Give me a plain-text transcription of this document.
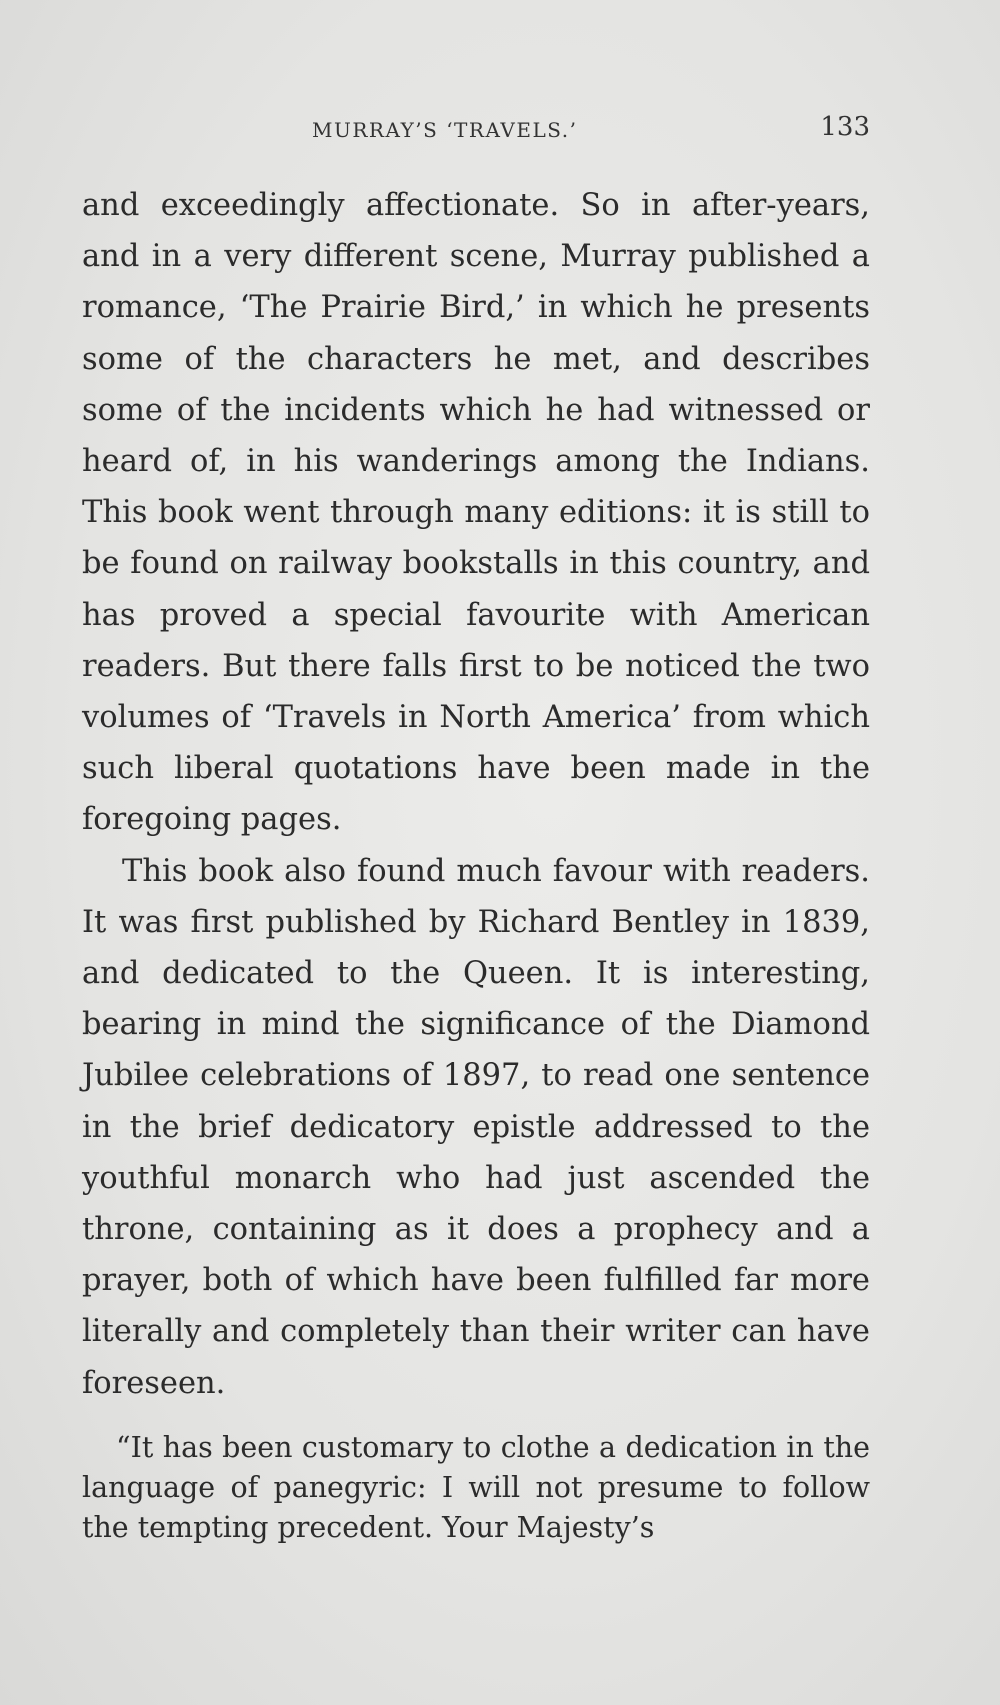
MURRAY’S ‘TRAVELS.’	133

and exceedingly affectionate. So in after-years, and in a very different scene, Murray published a romance, ‘The Prairie Bird,’ in which he presents some of the characters he met, and describes some of the incidents which he had witnessed or heard of, in his wanderings among the Indians. This book went through many editions: it is still to be found on railway bookstalls in this country, and has proved a special favourite with American readers. But there falls first to be noticed the two volumes of ‘Travels in North America’ from which such liberal quotations have been made in the foregoing pages.

This book also found much favour with readers. It was first published by Richard Bentley in 1839, and dedicated to the Queen. It is interesting, bearing in mind the significance of the Diamond Jubilee celebrations of 1897, to read one sentence in the brief dedicatory epistle addressed to the youthful monarch who had just ascended the throne, containing as it does a prophecy and a prayer, both of which have been fulfilled far more literally and completely than their writer can have foreseen.

“It has been customary to clothe a dedication in the language of panegyric: I will not presume to follow the tempting precedent. Your Majesty’s
